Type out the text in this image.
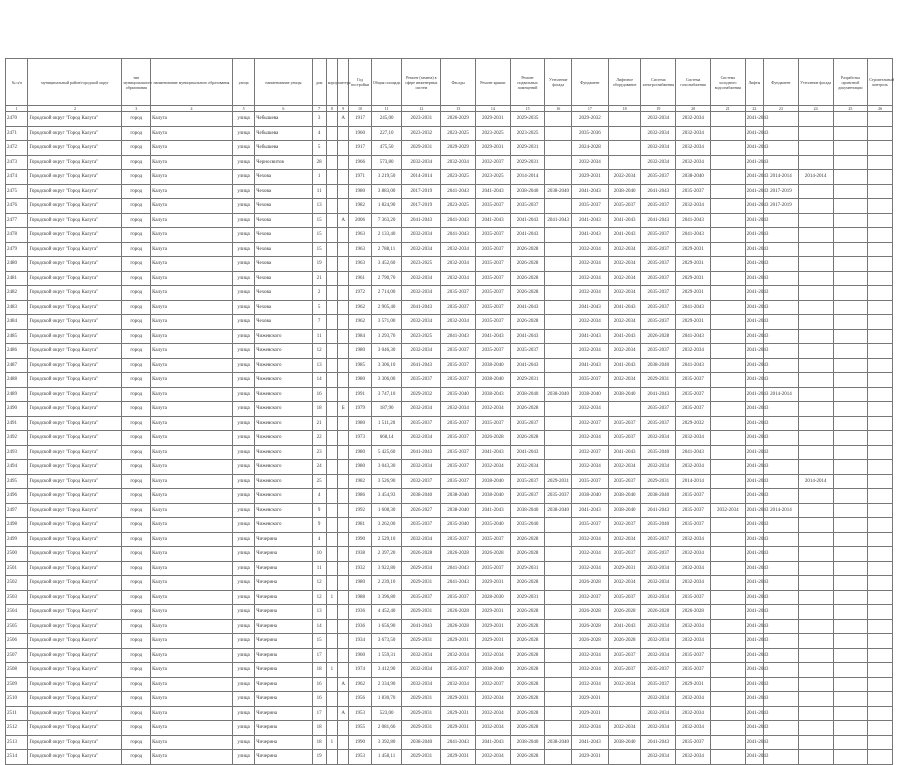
№ п/п	муниципальный район/городской округ	тип муниципального образования	наименование муниципального образования	улица	наименование улицы	дом	корпус	литера	Год постройки	Общая площадь	Ремонт (замена) в сфере инженерных систем	Фасады	Ремонт крыши	Ремонт подвальных помещений	Утепление фасада	Фундамент	Лифтовое оборудование	Система электроснабжения	Система газоснабжения	Система холодного водоснабжения	Лифты	Фундамент	Утепление фасада	Разработка проектной документации	Строительный контроль
1	2	3	4	5	6	7	8	9	10	11	12	13	14	15	16	17	18	19	20	21	22	23	24	25	26
2470	Городской округ "Город Калуга"	город	Калуга	улица	Чебышева	3		А	1917	245,00	2023-2031	2026-2029	2029-2031	2029-2035		2029-2032		2032-2034	2032-2034		2041-2043				
2471	Городской округ "Город Калуга"	город	Калуга	улица	Чебышева	4			1960	227,10	2023-2032	2023-2025	2023-2025	2023-2025		2035-2036		2032-2034	2032-2034		2041-2043				
2472	Городской округ "Город Калуга"	город	Калуга	улица	Чебышева	5			1917	475,50	2029-2031	2029-2029	2029-2031	2029-2031		2024-2028		2032-2034	2032-2034		2041-2043				
2473	Городской округ "Город Калуга"	город	Калуга	улица	Черносвитов	28			1966	573,80	2032-2034	2032-2034	2032-2037	2029-2031		2032-2034		2032-2034	2032-2034		2041-2043				
2474	Городской округ "Город Калуга"	город	Калуга	улица	Чехова	1			1971	3 219,50	2014-2014	2023-2025	2023-2025	2014-2014		2029-2031	2032-2034	2035-2037	2038-2040		2041-2043	2014-2014	2014-2014		
2475	Городской округ "Город Калуга"	город	Калуга	улица	Чехова	11			1980	3 883,00	2017-2019	2041-2043	2041-2043	2038-2040	2038-2040	2041-2043	2038-2040	2041-2043	2035-2037		2041-2043	2017-2019			
2476	Городской округ "Город Калуга"	город	Калуга	улица	Чехова	13			1982	1 824,90	2017-2019	2023-2025	2035-2037	2035-2037		2035-2037	2035-2037	2035-2037	2032-2034		2041-2043	2017-2019			
2477	Городской округ "Город Калуга"	город	Калуга	улица	Чехова	15		А	2006	7 363,20	2041-2043	2041-2043	2041-2043	2041-2043	2041-2043	2041-2043	2041-2043	2041-2043	2041-2043		2041-2043				
2478	Городской округ "Город Калуга"	город	Калуга	улица	Чехова	15			1963	2 133,40	2032-2034	2041-2043	2035-2037	2041-2043		2041-2043	2041-2043	2035-2037	2041-2043		2041-2043				
2479	Городской округ "Город Калуга"	город	Калуга	улица	Чехова	15			1963	2 788,11	2032-2034	2032-2034	2035-2037	2026-2028		2032-2034	2032-2034	2035-2037	2029-2031		2041-2043				
2480	Городской округ "Город Калуга"	город	Калуга	улица	Чехова	19			1963	3 452,60	2023-2025	2032-2034	2035-2037	2026-2028		2032-2034	2032-2034	2035-2037	2029-2031		2041-2043				
2481	Городской округ "Город Калуга"	город	Калуга	улица	Чехова	21			1961	2 790,70	2032-2034	2032-2034	2035-2037	2026-2028		2032-2034	2032-2034	2035-2037	2029-2031		2041-2043				
2482	Городской округ "Город Калуга"	город	Калуга	улица	Чехова	2			1972	2 714,00	2032-2034	2035-2037	2035-2037	2026-2028		2032-2034	2032-2034	2035-2037	2029-2031		2041-2043				
2483	Городской округ "Город Калуга"	город	Калуга	улица	Чехова	5			1962	2 905,40	2041-2043	2035-2037	2035-2037	2041-2043		2041-2043	2041-2043	2035-2037	2041-2043		2041-2043				
2484	Городской округ "Город Калуга"	город	Калуга	улица	Чехова	7			1962	3 571,00	2032-2034	2032-2034	2035-2037	2026-2028		2032-2034	2032-2034	2035-2037	2029-2031		2041-2043				
2485	Городской округ "Город Калуга"	город	Калуга	улица	Чижевского	11			1984	3 293,70	2023-2025	2041-2043	2041-2043	2041-2043		2041-2043	2041-2043	2026-2028	2041-2043		2041-2043				
2486	Городской округ "Город Калуга"	город	Калуга	улица	Чижевского	12			1980	3 046,30	2032-2034	2035-2037	2035-2037	2035-2037		2032-2034	2032-2034	2035-2037	2032-2034		2041-2043				
2487	Городской округ "Город Калуга"	город	Калуга	улица	Чижевского	13			1985	3 306,10	2041-2043	2035-2037	2038-2040	2041-2043		2041-2043	2041-2043	2038-2040	2041-2043		2041-2043				
2488	Городской округ "Город Калуга"	город	Калуга	улица	Чижевского	14			1980	3 306,00	2035-2037	2035-2037	2038-2040	2029-2031		2035-2037	2032-2034	2029-2031	2035-2037		2041-2043				
2489	Городской округ "Город Калуга"	город	Калуга	улица	Чижевского	16			1991	3 747,10	2029-2032	2035-2040	2038-2043	2038-2040	2038-2040	2038-2040	2038-2040	2041-2043	2035-2037		2041-2043	2014-2014			
2490	Городской округ "Город Калуга"	город	Калуга	улица	Чижевского	18		Б	1979	187,90	2032-2034	2032-2034	2032-2034	2026-2028		2032-2034		2035-2037	2035-2037		2041-2043				
2491	Городской округ "Город Калуга"	город	Калуга	улица	Чижевского	21			1980	1 511,20	2035-2037	2035-2037	2035-2037	2035-2037		2032-2037	2035-2037	2035-2037	2029-2032		2041-2043				
2492	Городской округ "Город Калуга"	город	Калуга	улица	Чижевского	22			1973	668,14	2032-2034	2035-2037	2026-2028	2026-2028		2032-2034	2035-2037	2032-2034	2032-2034		2041-2043				
2493	Городской округ "Город Калуга"	город	Калуга	улица	Чижевского	23			1980	5 425,60	2041-2043	2035-2037	2041-2043	2041-2043		2032-2037	2041-2043	2035-2040	2041-2043		2041-2043				
2494	Городской округ "Город Калуга"	город	Калуга	улица	Чижевского	24			1980	3 043,30	2032-2034	2035-2037	2032-2034	2032-2034		2032-2034	2032-2034	2032-2034	2032-2034		2041-2043				
2495	Городской округ "Город Калуга"	город	Калуга	улица	Чижевского	25			1982	3 526,90	2032-2037	2035-2037	2038-2040	2035-2037	2029-2031	2035-2037	2035-2037	2029-2031	2014-2014		2041-2043		2014-2014		
2496	Городской округ "Город Калуга"	город	Калуга	улица	Чижевского	4			1986	3 454,93	2038-2040	2038-2040	2038-2040	2035-2037	2035-2037	2038-2040	2038-2040	2038-2040	2035-2037		2041-2043				
2497	Городской округ "Город Калуга"	город	Калуга	улица	Чижевского	9			1992	1 608,30	2026-2027	2038-2040	2041-2043	2038-2040	2038-2040	2041-2043	2038-2040	2041-2043	2035-2037	2032-2034	2041-2043	2014-2014			
2498	Городской округ "Город Калуга"	город	Калуга	улица	Чижевского	9			1981	3 262,00	2035-2037	2035-2040	2035-2040	2035-2040		2035-2037	2032-2037	2035-2040	2035-2037		2041-2043				
2499	Городской округ "Город Калуга"	город	Калуга	улица	Чичерина	4			1990	2 529,10	2032-2034	2035-2037	2035-2037	2026-2028		2032-2034	2032-2034	2035-2037	2032-2034		2041-2043				
2500	Городской округ "Город Калуга"	город	Калуга	улица	Чичерина	10			1938	2 397,20	2026-2028	2026-2028	2026-2028	2026-2028		2032-2034	2035-2037	2035-2037	2032-2034		2041-2043				
2501	Городской округ "Город Калуга"	город	Калуга	улица	Чичерина	11			1932	3 922,80	2029-2034	2041-2043	2035-2037	2029-2031		2032-2034	2029-2031	2032-2034	2032-2034		2041-2043				
2502	Городской округ "Город Калуга"	город	Калуга	улица	Чичерина	12			1980	2 239,10	2029-2031	2041-2043	2029-2031	2026-2028		2026-2028	2032-2034	2032-2034	2032-2034		2041-2043				
2503	Городской округ "Город Калуга"	город	Калуга	улица	Чичерина	12	1		1988	3 396,80	2035-2037	2035-2037	2028-2030	2029-2031		2032-2037	2035-2037	2032-2034	2035-2037		2041-2043				
2504	Городской округ "Город Калуга"	город	Калуга	улица	Чичерина	13			1936	4 452,40	2029-2031	2026-2028	2029-2031	2026-2028		2026-2028	2026-2028	2026-2028	2026-2028		2041-2043				
2505	Городской округ "Город Калуга"	город	Калуга	улица	Чичерина	14			1936	1 656,90	2041-2043	2026-2028	2029-2031	2026-2028		2026-2028	2041-2043	2032-2034	2032-2034		2041-2043				
2506	Городской округ "Город Калуга"	город	Калуга	улица	Чичерина	15			1934	3 673,50	2029-2031	2029-2031	2029-2031	2026-2028		2026-2028	2026-2028	2032-2034	2032-2034		2041-2043				
2507	Городской округ "Город Калуга"	город	Калуга	улица	Чичерина	17			1960	1 559,31	2032-2034	2032-2034	2032-2034	2026-2028		2032-2034	2035-2037	2032-2034	2035-2037		2041-2043				
2508	Городской округ "Город Калуга"	город	Калуга	улица	Чичерина	18	1		1974	3 412,90	2032-2034	2035-2037	2038-2040	2026-2028		2032-2034	2035-2037	2035-2037	2035-2037		2041-2043				
2509	Городской округ "Город Калуга"	город	Калуга	улица	Чичерина	16		А	1962	2 334,90	2032-2034	2032-2034	2032-2037	2026-2028		2032-2034	2032-2034	2035-2037	2029-2031		2041-2043				
2510	Городской округ "Город Калуга"	город	Калуга	улица	Чичерина	16			1956	1 830,70	2029-2031	2029-2031	2032-2034	2026-2028		2029-2031		2032-2034	2032-2034		2041-2043				
2511	Городской округ "Город Калуга"	город	Калуга	улица	Чичерина	17		А	1953	523,00	2029-2031	2029-2031	2032-2034	2026-2028		2029-2031		2032-2034	2032-2034		2041-2043				
2512	Городской округ "Город Калуга"	город	Калуга	улица	Чичерина	18			1955	2 081,66	2029-2031	2029-2031	2032-2034	2026-2028		2032-2034	2032-2034	2032-2034	2032-2034		2041-2043				
2513	Городской округ "Город Калуга"	город	Калуга	улица	Чичерина	18	1		1990	3 392,80	2038-2040	2041-2043	2041-2043	2038-2040	2038-2040	2041-2043	2038-2040	2041-2043	2035-2037		2041-2043				
2514	Городской округ "Город Калуга"	город	Калуга	улица	Чичерина	19			1953	1 458,11	2029-2031	2029-2031	2032-2034	2026-2028		2029-2031		2032-2034	2032-2034		2041-2043				
